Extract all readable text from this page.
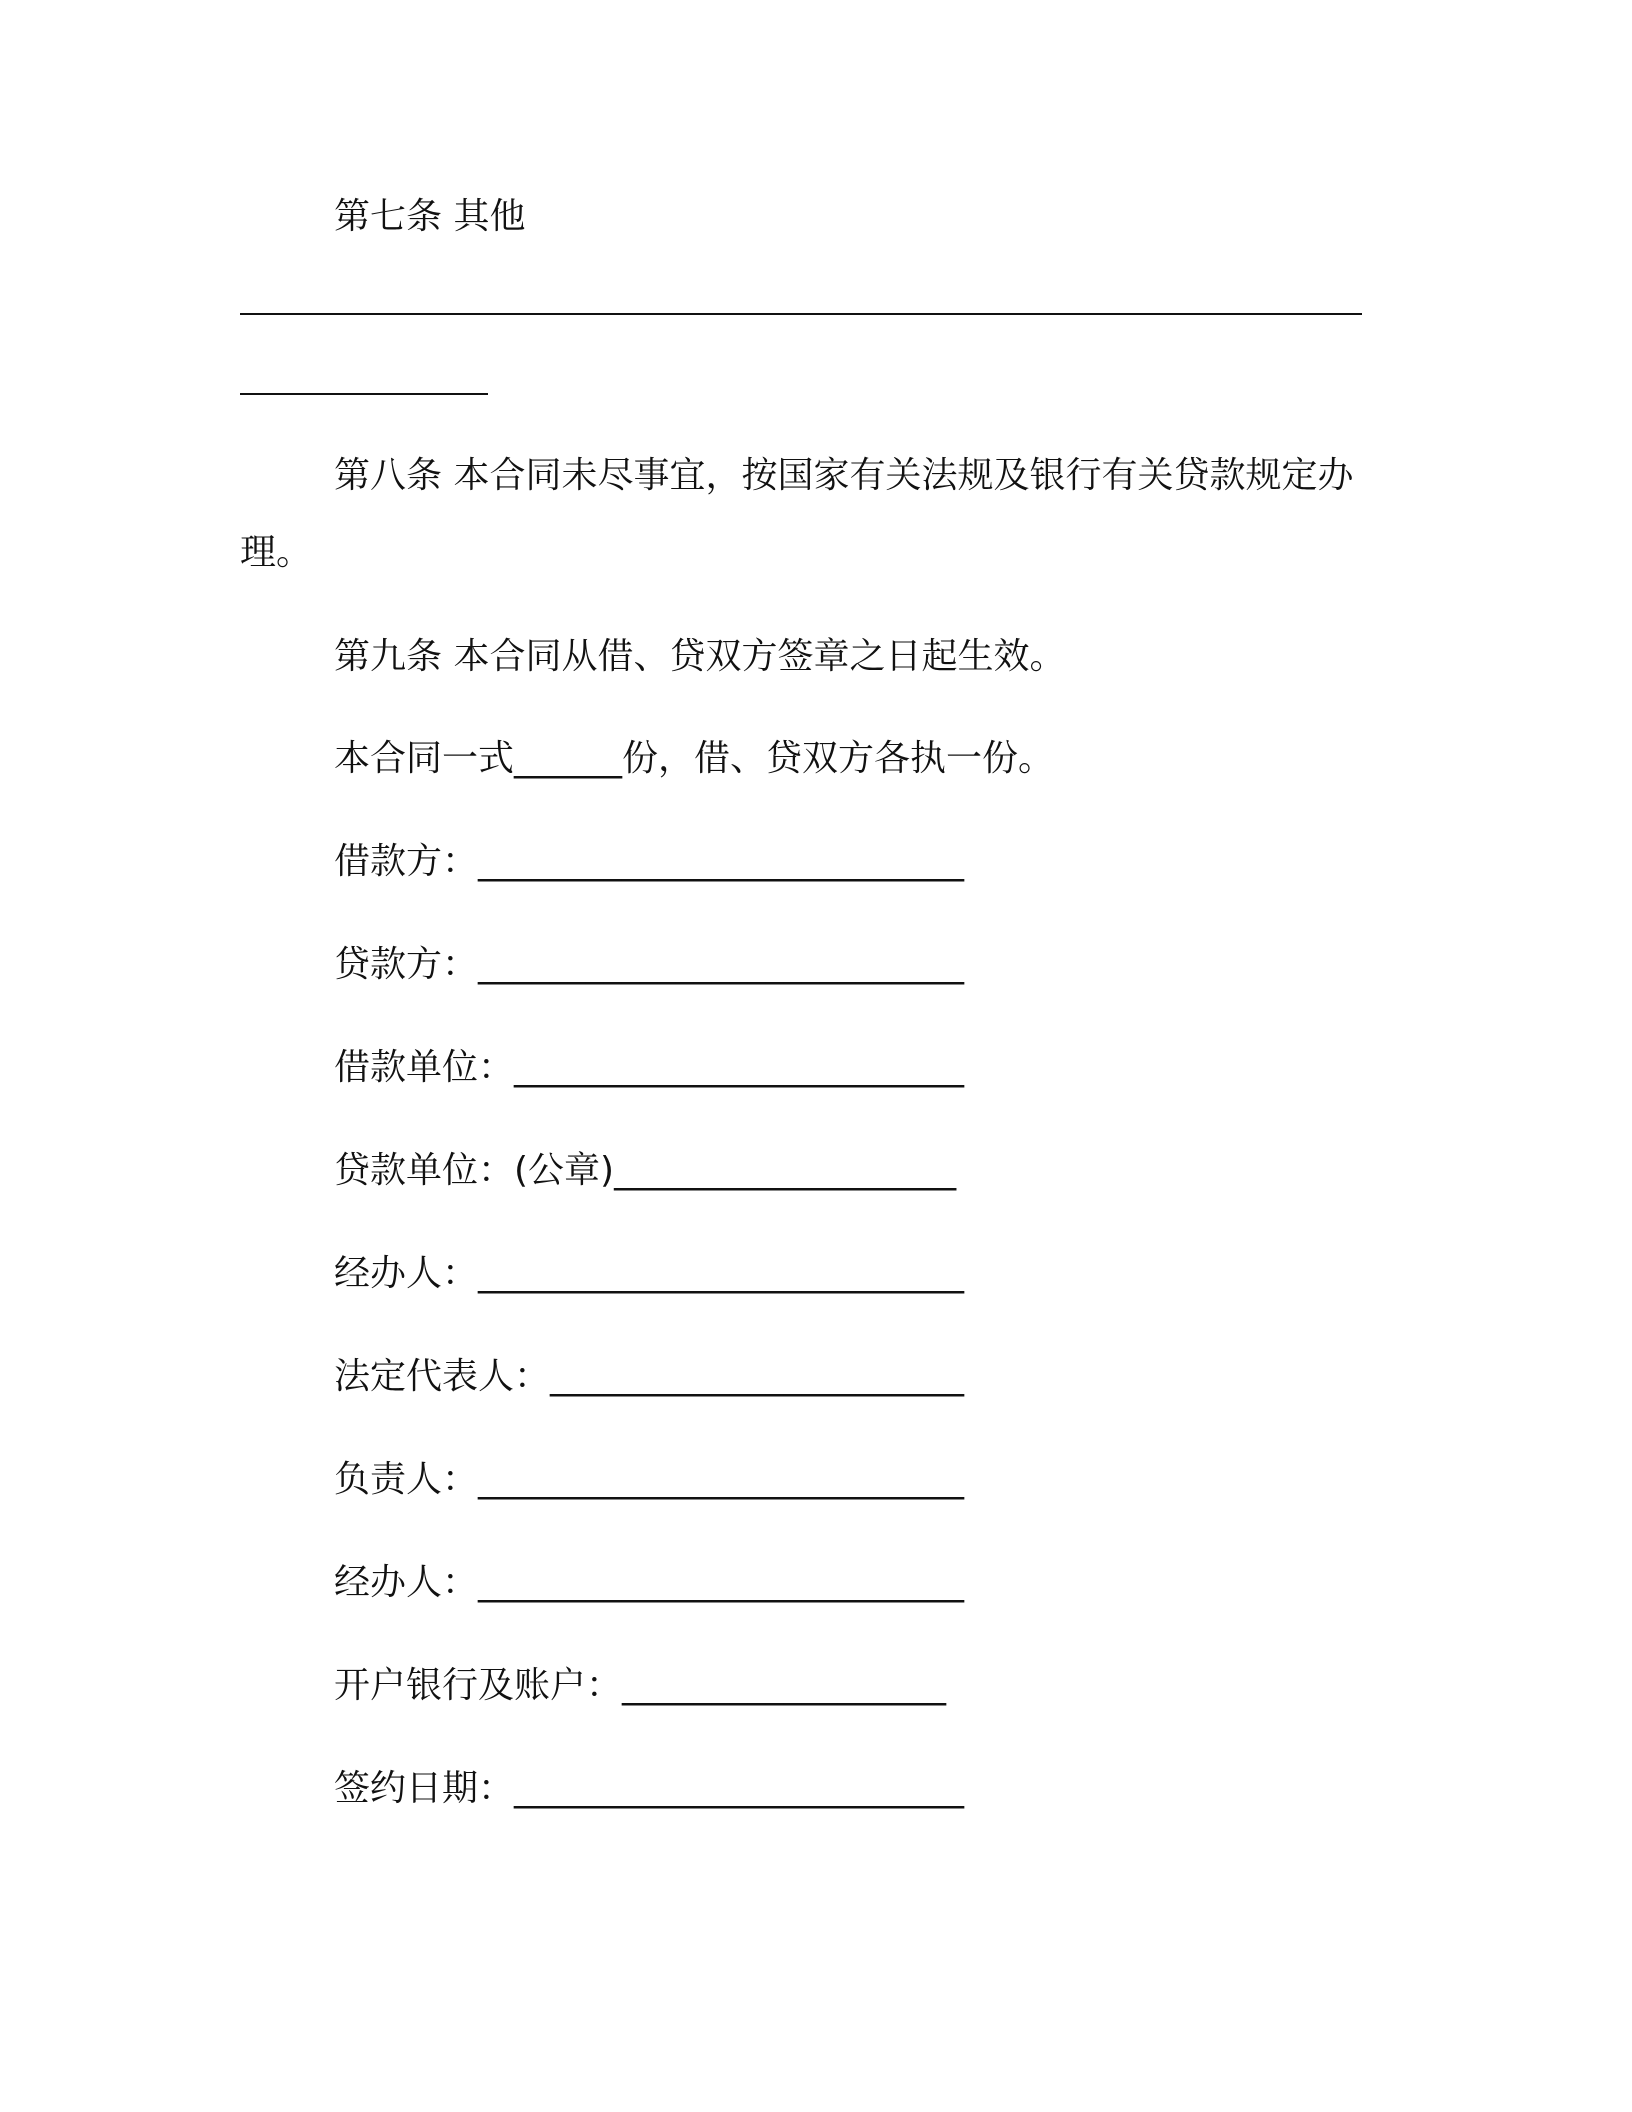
第七条 其他
第八条 本合同未尽事宜，按国家有关法规及银行有关贷款规定办
理。
第九条 本合同从借、贷双方签章之日起生效。
本合同一式______份，借、贷双方各执一份。
借款方：___________________________
贷款方：___________________________
借款单位：_________________________
贷款单位：(公章)___________________
经办人：___________________________
法定代表人：_______________________
负责人：___________________________
经办人：___________________________
开户银行及账户：__________________
签约日期：_________________________
